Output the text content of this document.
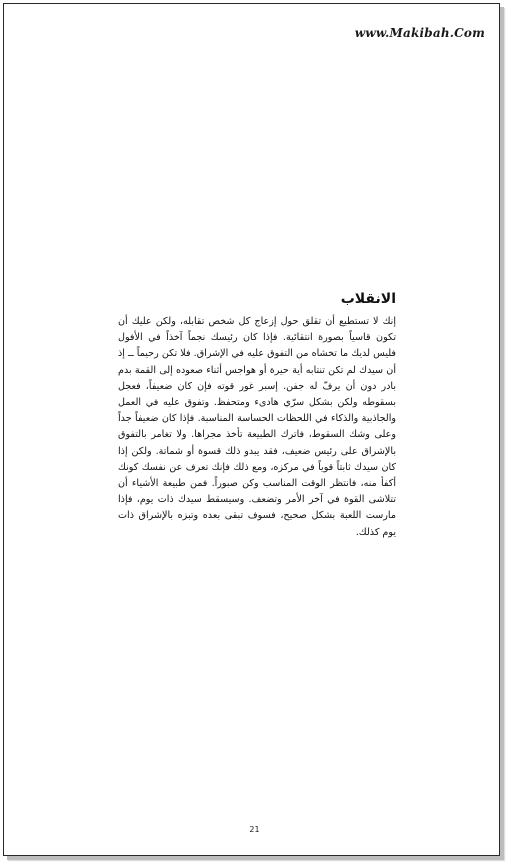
www.Makibah.Com
الانقلاب

إنك لا تستطيع أن تقلق حول إزعاج كل شخص تقابله، ولكن عليك أن تكون قاسياً بصورة انتقائية. فإذا كان رئيسك نجماً آخذاً في الأفول فليس لديك ما تخشاه من التفوق عليه في الإشراق. فلا تكن رحيماً ــ إذ أن سيدك لم تكن تنتابه أية حيرة أو هواجس أثناء صعوده إلى القمة بدم بادر دون أن يرفّ له جفن. إسبر غور قوته فإن كان ضعيفاً، فعجل بسقوطه ولكن بشكل سرّي هادىء ومتحفظ. وتفوق عليه في العمل والجاذبية والذكاء في اللحظات الحساسة المناسبة. فإذا كان ضعيفاً جداً وعلى وشك السقوط، فاترك الطبيعة تأخذ مجراها. ولا تغامر بالتفوق بالإشراق على رئيس ضعيف، فقد يبدو ذلك قسوة أو شماتة. ولكن إذا كان سيدك ثابتاً قوياً في مركزه، ومع ذلك فإنك تعرف عن نفسك كونك أكفأ منه، فانتظر الوقت المناسب وكن صبوراً. فمن طبيعة الأشياء أن تتلاشى القوة في آخر الأمر وتضعف. وسيسقط سيدك ذات يوم، فإذا مارست اللعبة بشكل صحيح، فسوف تبقى بعده وتبزه بالإشراق ذات يوم كذلك.

21
